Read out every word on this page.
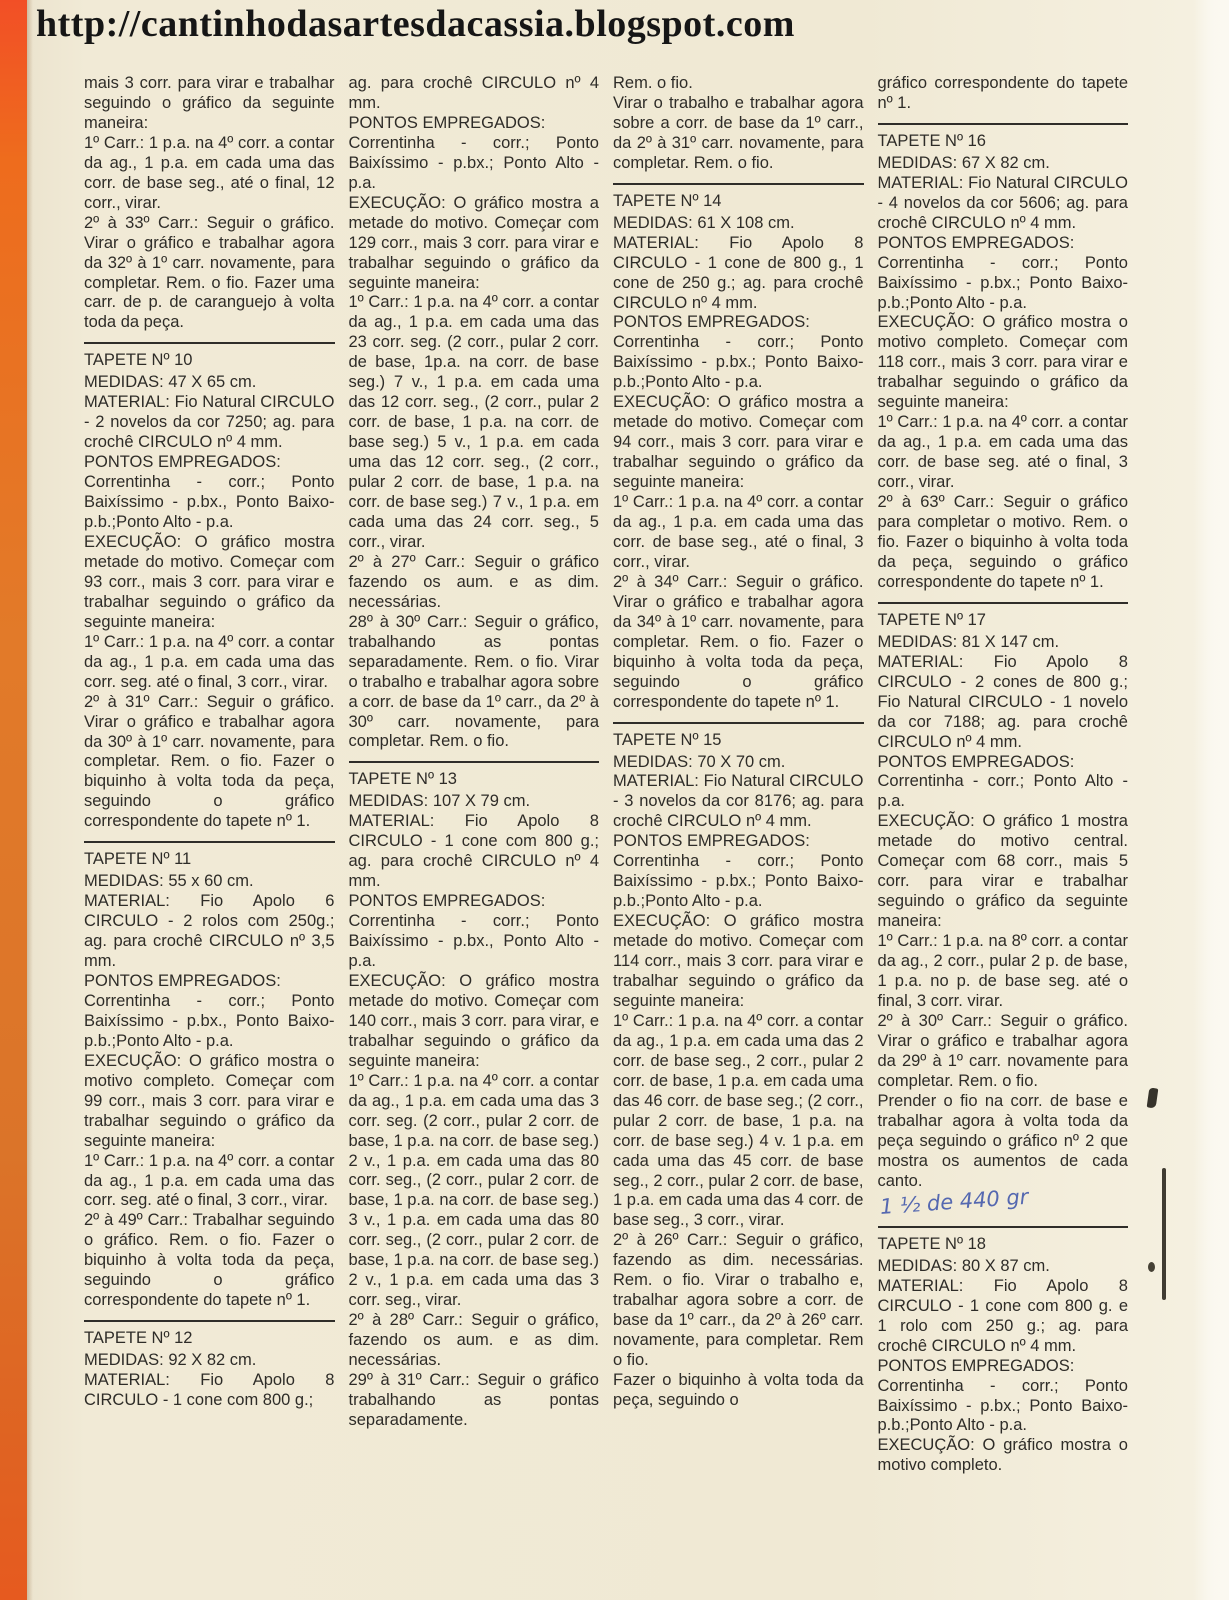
http://cantinhodasartesdacassia.blogspot.com

mais 3 corr. para virar e trabalhar seguindo o gráfico da seguinte maneira:

1º Carr.: 1 p.a. na 4º corr. a contar da ag., 1 p.a. em cada uma das corr. de base seg., até o final, 12 corr., virar.

2º à 33º Carr.: Seguir o gráfico. Virar o gráfico e trabalhar agora da 32º à 1º carr. novamente, para completar. Rem. o fio. Fazer uma carr. de p. de caranguejo à volta toda da peça.

TAPETE Nº 10

MEDIDAS: 47 X 65 cm.

MATERIAL: Fio Natural CIRCULO - 2 novelos da cor 7250; ag. para crochê CIRCULO nº 4 mm.

PONTOS EMPREGADOS:

Correntinha - corr.; Ponto Baixíssimo - p.bx., Ponto Baixo- p.b.;Ponto Alto - p.a.

EXECUÇÃO: O gráfico mostra metade do motivo. Começar com 93 corr., mais 3 corr. para virar e trabalhar seguindo o gráfico da seguinte maneira:

1º Carr.: 1 p.a. na 4º corr. a contar da ag., 1 p.a. em cada uma das corr. seg. até o final, 3 corr., virar.

2º à 31º Carr.: Seguir o gráfico. Virar o gráfico e trabalhar agora da 30º à 1º carr. novamente, para completar. Rem. o fio. Fazer o biquinho à volta toda da peça, seguindo o gráfico correspondente do tapete nº 1.

TAPETE Nº 11

MEDIDAS: 55 x 60 cm.

MATERIAL: Fio Apolo 6 CIRCULO - 2 rolos com 250g.; ag. para crochê CIRCULO nº 3,5 mm.

PONTOS EMPREGADOS:

Correntinha - corr.; Ponto Baixíssimo - p.bx., Ponto Baixo- p.b.;Ponto Alto - p.a.

EXECUÇÃO: O gráfico mostra o motivo completo. Começar com 99 corr., mais 3 corr. para virar e trabalhar seguindo o gráfico da seguinte maneira:

1º Carr.: 1 p.a. na 4º corr. a contar da ag., 1 p.a. em cada uma das corr. seg. até o final, 3 corr., virar.

2º à 49º Carr.: Trabalhar seguindo o gráfico. Rem. o fio. Fazer o biquinho à volta toda da peça, seguindo o gráfico correspondente do tapete nº 1.

TAPETE Nº 12

MEDIDAS: 92 X 82 cm.

MATERIAL: Fio Apolo 8 CIRCULO - 1 cone com 800 g.;

ag. para crochê CIRCULO nº 4 mm.

PONTOS EMPREGADOS:

Correntinha - corr.; Ponto Baixíssimo - p.bx.; Ponto Alto - p.a.

EXECUÇÃO: O gráfico mostra a metade do motivo. Começar com 129 corr., mais 3 corr. para virar e trabalhar seguindo o gráfico da seguinte maneira:

1º Carr.: 1 p.a. na 4º corr. a contar da ag., 1 p.a. em cada uma das 23 corr. seg. (2 corr., pular 2 corr. de base, 1p.a. na corr. de base seg.) 7 v., 1 p.a. em cada uma das 12 corr. seg., (2 corr., pular 2 corr. de base, 1 p.a. na corr. de base seg.) 5 v., 1 p.a. em cada uma das 12 corr. seg., (2 corr., pular 2 corr. de base, 1 p.a. na corr. de base seg.) 7 v., 1 p.a. em cada uma das 24 corr. seg., 5 corr., virar.

2º à 27º Carr.: Seguir o gráfico fazendo os aum. e as dim. necessárias.

28º à 30º Carr.: Seguir o gráfico, trabalhando as pontas separadamente. Rem. o fio. Virar o trabalho e trabalhar agora sobre a corr. de base da 1º carr., da 2º à 30º carr. novamente, para completar. Rem. o fio.

TAPETE Nº 13

MEDIDAS: 107 X 79 cm.

MATERIAL: Fio Apolo 8 CIRCULO - 1 cone com 800 g.; ag. para crochê CIRCULO nº 4 mm.

PONTOS EMPREGADOS:

Correntinha - corr.; Ponto Baixíssimo - p.bx., Ponto Alto - p.a.

EXECUÇÃO: O gráfico mostra metade do motivo. Começar com 140 corr., mais 3 corr. para virar, e trabalhar seguindo o gráfico da seguinte maneira:

1º Carr.: 1 p.a. na 4º corr. a contar da ag., 1 p.a. em cada uma das 3 corr. seg. (2 corr., pular 2 corr. de base, 1 p.a. na corr. de base seg.) 2 v., 1 p.a. em cada uma das 80 corr. seg., (2 corr., pular 2 corr. de base, 1 p.a. na corr. de base seg.) 3 v., 1 p.a. em cada uma das 80 corr. seg., (2 corr., pular 2 corr. de base, 1 p.a. na corr. de base seg.) 2 v., 1 p.a. em cada uma das 3 corr. seg., virar.

2º à 28º Carr.: Seguir o gráfico, fazendo os aum. e as dim. necessárias.

29º à 31º Carr.: Seguir o gráfico trabalhando as pontas separadamente.

Rem. o fio.

Virar o trabalho e trabalhar agora sobre a corr. de base da 1º carr., da 2º à 31º carr. novamente, para completar. Rem. o fio.

TAPETE Nº 14

MEDIDAS: 61 X 108 cm.

MATERIAL: Fio Apolo 8 CIRCULO - 1 cone de 800 g., 1 cone de 250 g.; ag. para crochê CIRCULO nº 4 mm.

PONTOS EMPREGADOS:

Correntinha - corr.; Ponto Baixíssimo - p.bx.; Ponto Baixo- p.b.;Ponto Alto - p.a.

EXECUÇÃO: O gráfico mostra a metade do motivo. Começar com 94 corr., mais 3 corr. para virar e trabalhar seguindo o gráfico da seguinte maneira:

1º Carr.: 1 p.a. na 4º corr. a contar da ag., 1 p.a. em cada uma das corr. de base seg., até o final, 3 corr., virar.

2º à 34º Carr.: Seguir o gráfico. Virar o gráfico e trabalhar agora da 34º à 1º carr. novamente, para completar. Rem. o fio. Fazer o biquinho à volta toda da peça, seguindo o gráfico correspondente do tapete nº 1.

TAPETE Nº 15

MEDIDAS: 70 X 70 cm.

MATERIAL: Fio Natural CIRCULO - 3 novelos da cor 8176; ag. para crochê CIRCULO nº 4 mm.

PONTOS EMPREGADOS:

Correntinha - corr.; Ponto Baixíssimo - p.bx.; Ponto Baixo- p.b.;Ponto Alto - p.a.

EXECUÇÃO: O gráfico mostra metade do motivo. Começar com 114 corr., mais 3 corr. para virar e trabalhar seguindo o gráfico da seguinte maneira:

1º Carr.: 1 p.a. na 4º corr. a contar da ag., 1 p.a. em cada uma das 2 corr. de base seg., 2 corr., pular 2 corr. de base, 1 p.a. em cada uma das 46 corr. de base seg.; (2 corr., pular 2 corr. de base, 1 p.a. na corr. de base seg.) 4 v. 1 p.a. em cada uma das 45 corr. de base seg., 2 corr., pular 2 corr. de base, 1 p.a. em cada uma das 4 corr. de base seg., 3 corr., virar.

2º à 26º Carr.: Seguir o gráfico, fazendo as dim. necessárias. Rem. o fio. Virar o trabalho e, trabalhar agora sobre a corr. de base da 1º carr., da 2º à 26º carr. novamente, para completar. Rem o fio.

Fazer o biquinho à volta toda da peça, seguindo o

gráfico correspondente do tapete nº 1.

TAPETE Nº 16

MEDIDAS: 67 X 82 cm.

MATERIAL: Fio Natural CIRCULO - 4 novelos da cor 5606; ag. para crochê CIRCULO nº 4 mm.

PONTOS EMPREGADOS:

Correntinha - corr.; Ponto Baixíssimo - p.bx.; Ponto Baixo- p.b.;Ponto Alto - p.a.

EXECUÇÃO: O gráfico mostra o motivo completo. Começar com 118 corr., mais 3 corr. para virar e trabalhar seguindo o gráfico da seguinte maneira:

1º Carr.: 1 p.a. na 4º corr. a contar da ag., 1 p.a. em cada uma das corr. de base seg. até o final, 3 corr., virar.

2º à 63º Carr.: Seguir o gráfico para completar o motivo. Rem. o fio. Fazer o biquinho à volta toda da peça, seguindo o gráfico correspondente do tapete nº 1.

TAPETE Nº 17

MEDIDAS: 81 X 147 cm.

MATERIAL: Fio Apolo 8 CIRCULO - 2 cones de 800 g.; Fio Natural CIRCULO - 1 novelo da cor 7188; ag. para crochê CIRCULO nº 4 mm.

PONTOS EMPREGADOS:

Correntinha - corr.; Ponto Alto - p.a.

EXECUÇÃO: O gráfico 1 mostra metade do motivo central. Começar com 68 corr., mais 5 corr. para virar e trabalhar seguindo o gráfico da seguinte maneira:

1º Carr.: 1 p.a. na 8º corr. a contar da ag., 2 corr., pular 2 p. de base, 1 p.a. no p. de base seg. até o final, 3 corr. virar.

2º à 30º Carr.: Seguir o gráfico. Virar o gráfico e trabalhar agora da 29º à 1º carr. novamente para completar. Rem. o fio.

Prender o fio na corr. de base e trabalhar agora à volta toda da peça seguindo o gráfico nº 2 que mostra os aumentos de cada canto.

1 ½ de 440 gr

TAPETE Nº 18

MEDIDAS: 80 X 87 cm.

MATERIAL: Fio Apolo 8 CIRCULO - 1 cone com 800 g. e 1 rolo com 250 g.; ag. para crochê CIRCULO nº 4 mm.

PONTOS EMPREGADOS:

Correntinha - corr.; Ponto Baixíssimo - p.bx.; Ponto Baixo- p.b.;Ponto Alto - p.a.

EXECUÇÃO: O gráfico mostra o motivo completo.
